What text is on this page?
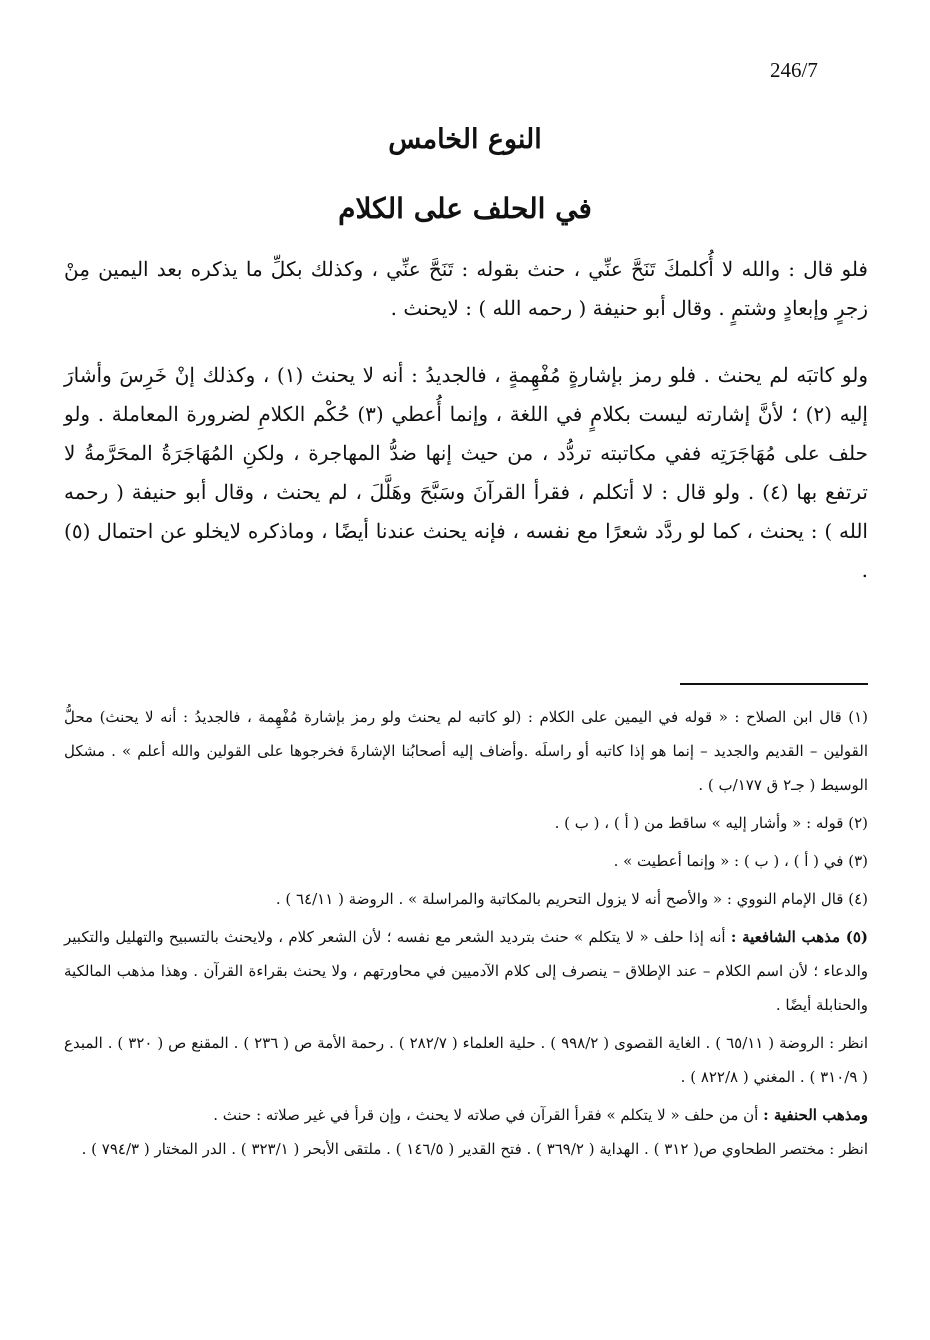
246/7
النوع الخامس
في الحلف على الكلام

فلو قال : والله لا أُكلمكَ تَنَحَّ عنِّي ، حنث بقوله : تَنَحَّ عنِّي ، وكذلك بكلِّ ما يذكره بعد اليمين مِنْ زجرٍ وإبعادٍ وشتمٍ . وقال أبو حنيفة ( رحمه الله ) : لايحنث .

ولو كاتبَه لم يحنث . فلو رمز بإشارةٍ مُفْهِمةٍ ، فالجديدُ : أنه لا يحنث (١) ، وكذلك إنْ خَرِسَ وأشارَ إليه (٢) ؛ لأنَّ إشارته ليست بكلامٍ في اللغة ، وإنما أُعطي (٣) حُكْم الكلامِ لضرورة المعاملة . ولو حلف على مُهَاجَرَتِه ففي مكاتبته تردُّد ، من حيث إنها ضدُّ المهاجرة ، ولكنِ المُهَاجَرَةُ المحَرَّمةُ لا ترتفع بها (٤) . ولو قال : لا أتكلم ، فقرأ القرآنَ وسَبَّحَ وهَلَّلَ ، لم يحنث ، وقال أبو حنيفة ( رحمه الله ) : يحنث ، كما لو ردَّد شعرًا مع نفسه ، فإنه يحنث عندنا أيضًا ، وماذكره لايخلو عن احتمال (٥) .

(١) قال ابن الصلاح : « قوله في اليمين على الكلام : (لو كاتبه لم يحنث ولو رمز بإشارة مُفْهِمة ، فالجديدُ : أنه لا يحنث) محلُّ القولين – القديم والجديد – إنما هو إذا كاتبه أو راسلَه .وأضاف إليه أصحابُنا الإشارةَ فخرجوها على القولين والله أعلم » . مشكل الوسيط ( جـ٢ ق ١٧٧/ب ) .

(٢) قوله : « وأشار إليه » ساقط من ( أ ) ، ( ب ) .

(٣) في ( أ ) ، ( ب ) : « وإنما أعطيت » .

(٤) قال الإمام النووي : « والأصح أنه لا يزول التحريم بالمكاتبة والمراسلة » . الروضة ( ٦٤/١١ ) .

(٥) مذهب الشافعية : أنه إذا حلف « لا يتكلم » حنث بترديد الشعر مع نفسه ؛ لأن الشعر كلام ، ولايحنث بالتسبيح والتهليل والتكبير والدعاء ؛ لأن اسم الكلام – عند الإطلاق – ينصرف إلى كلام الآدميين في محاورتهم ، ولا يحنث بقراءة القرآن . وهذا مذهب المالكية والحنابلة أيضًا .

انظر : الروضة ( ٦٥/١١ ) . الغاية القصوى ( ٩٩٨/٢ ) . حلية العلماء ( ٢٨٢/٧ ) . رحمة الأمة ص ( ٢٣٦ ) . المقنع ص ( ٣٢٠ ) . المبدع ( ٣١٠/٩ ) . المغني ( ٨٢٢/٨ ) .

ومذهب الحنفية : أن من حلف « لا يتكلم » فقرأ القرآن في صلاته لا يحنث ، وإن قرأ في غير صلاته : حنث .

انظر : مختصر الطحاوي ص( ٣١٢ ) . الهداية ( ٣٦٩/٢ ) . فتح القدير ( ١٤٦/٥ ) . ملتقى الأبحر ( ٣٢٣/١ ) . الدر المختار ( ٧٩٤/٣ ) .
